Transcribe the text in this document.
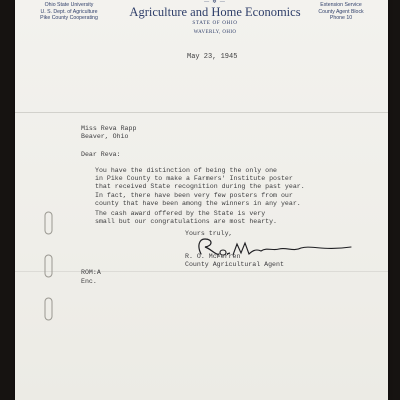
Ohio State University
U. S. Dept. of Agriculture
Pike County Cooperating
— ✲ —
Agriculture and Home Economics
STATE OF OHIO
WAVERLY, OHIO
Extension Service
County Agent Block
Phone 10
May 23, 1945
Miss Reva Rapp
Beaver, Ohio
Dear Reva:
You have the distinction of being the only one
in Pike County to make a Farmers' Institute poster
that received State recognition during the past year.
In fact, there have been very few posters from our
county that have been among the winners in any year.
The cash award offered by the State is very
small but our congratulations are most hearty.
Yours truly,
R. O. McFerren
County Agricultural Agent
ROM:A
Enc.
